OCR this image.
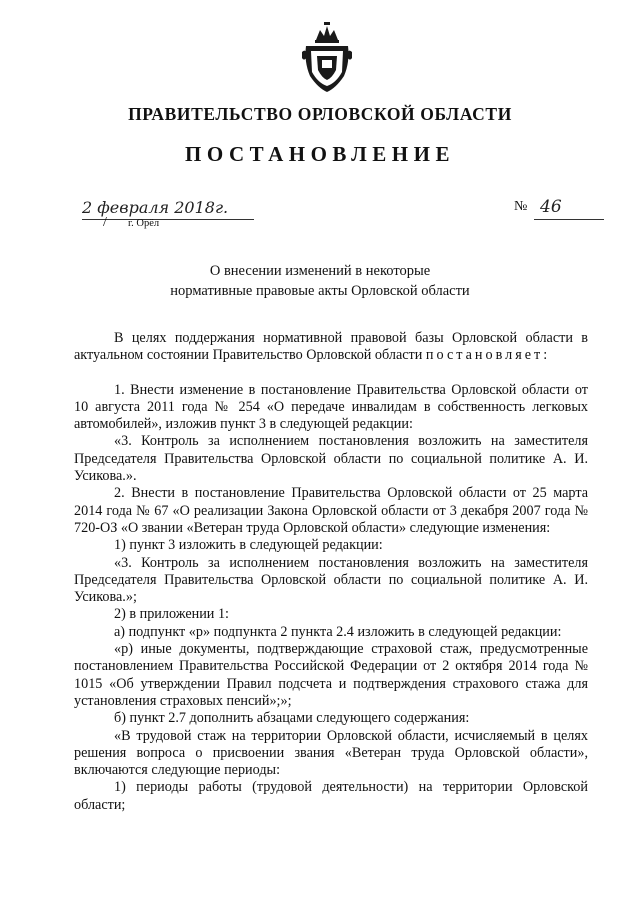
ПРАВИТЕЛЬСТВО ОРЛОВСКОЙ ОБЛАСТИ
ПОСТАНОВЛЕНИЕ
2 февраля 2018г.
/ г. Орёл
№ 46
О внесении изменений в некоторые
нормативные правовые акты Орловской области

В целях поддержания нормативной правовой базы Орловской области в актуальном состоянии Правительство Орловской области постановляет:

1. Внести изменение в постановление Правительства Орловской области от 10 августа 2011 года № 254 «О передаче инвалидам в собственность легковых автомобилей», изложив пункт 3 в следующей редакции:

«3. Контроль за исполнением постановления возложить на заместителя Председателя Правительства Орловской области по социальной политике А. И. Усикова.».

2. Внести в постановление Правительства Орловской области от 25 марта 2014 года № 67 «О реализации Закона Орловской области от 3 декабря 2007 года № 720-ОЗ «О звании «Ветеран труда Орловской области» следующие изменения:

1) пункт 3 изложить в следующей редакции:

«3. Контроль за исполнением постановления возложить на заместителя Председателя Правительства Орловской области по социальной политике А. И. Усикова.»;

2) в приложении 1:

а) подпункт «р» подпункта 2 пункта 2.4 изложить в следующей редакции:

«р) иные документы, подтверждающие страховой стаж, предусмотренные постановлением Правительства Российской Федерации от 2 октября 2014 года № 1015 «Об утверждении Правил подсчета и подтверждения страхового стажа для установления страховых пенсий»;»;

б) пункт 2.7 дополнить абзацами следующего содержания:

«В трудовой стаж на территории Орловской области, исчисляемый в целях решения вопроса о присвоении звания «Ветеран труда Орловской области», включаются следующие периоды:

1) периоды работы (трудовой деятельности) на территории Орловской области;
